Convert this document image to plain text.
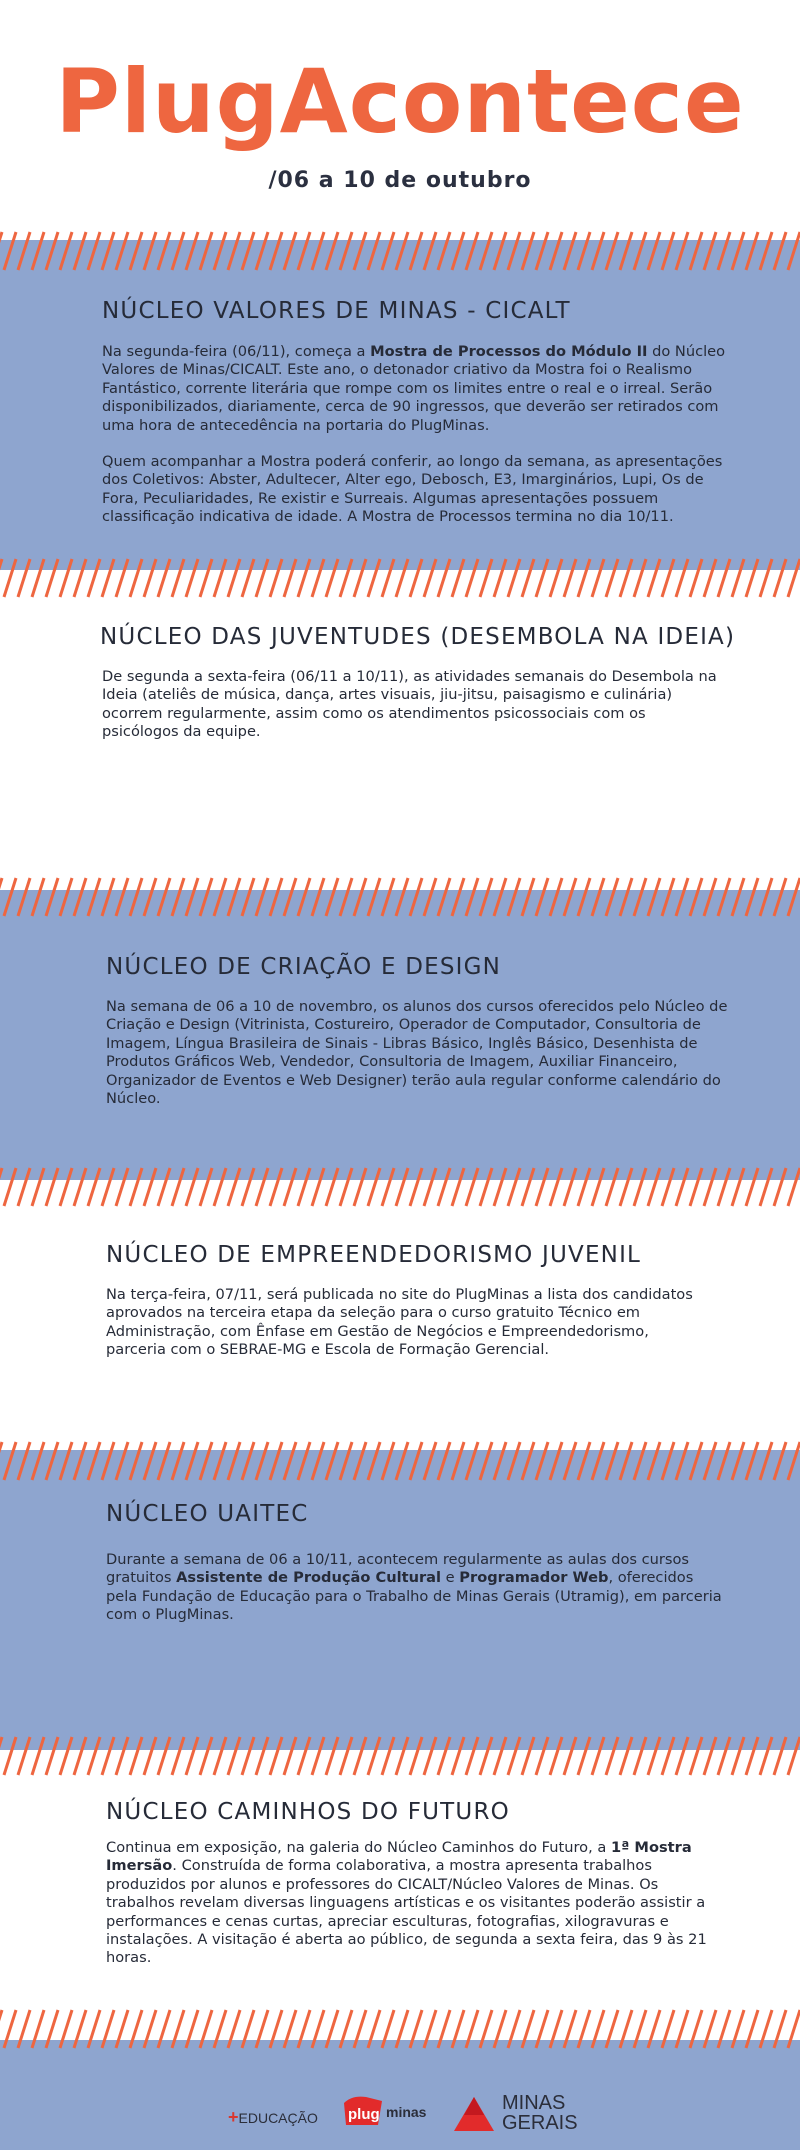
PlugAcontece
/06 a 10 de outubro
NÚCLEO VALORES DE MINAS - CICALT

Na segunda-feira (06/11), começa a Mostra de Processos do Módulo II do Núcleo Valores de Minas/CICALT. Este ano, o detonador criativo da Mostra foi o Realismo Fantástico, corrente literária que rompe com os limites entre o real e o irreal. Serão disponibilizados, diariamente, cerca de 90 ingressos, que deverão ser retirados com uma hora de antecedência na portaria do PlugMinas.

Quem acompanhar a Mostra poderá conferir, ao longo da semana, as apresentações dos Coletivos: Abster, Adultecer, Alter ego, Debosch, E3, Imarginários, Lupi, Os de Fora, Peculiaridades, Re existir e Surreais. Algumas apresentações possuem classificação indicativa de idade. A Mostra de Processos termina no dia 10/11.

NÚCLEO DAS JUVENTUDES (DESEMBOLA NA IDEIA)

De segunda a sexta-feira (06/11 a 10/11), as atividades semanais do Desembola na Ideia (ateliês de música, dança, artes visuais, jiu-jitsu, paisagismo e culinária) ocorrem regularmente, assim como os atendimentos psicossociais com os psicólogos da equipe.

NÚCLEO DE CRIAÇÃO E DESIGN

Na semana de 06 a 10 de novembro, os alunos dos cursos oferecidos pelo Núcleo de Criação e Design (Vitrinista, Costureiro, Operador de Computador, Consultoria de Imagem, Língua Brasileira de Sinais - Libras Básico, Inglês Básico, Desenhista de Produtos Gráficos Web, Vendedor, Consultoria de Imagem, Auxiliar Financeiro, Organizador de Eventos e Web Designer) terão aula regular conforme calendário do Núcleo.

NÚCLEO DE EMPREENDEDORISMO JUVENIL

Na terça-feira, 07/11, será publicada no site do PlugMinas a lista dos candidatos aprovados na terceira etapa da seleção para o curso gratuito Técnico em Administração, com Ênfase em Gestão de Negócios e Empreendedorismo, parceria com o SEBRAE-MG e Escola de Formação Gerencial.

NÚCLEO UAITEC

Durante a semana de 06 a 10/11, acontecem regularmente as aulas dos cursos gratuitos Assistente de Produção Cultural e Programador Web, oferecidos pela Fundação de Educação para o Trabalho de Minas Gerais (Utramig), em parceria com o PlugMinas.

NÚCLEO CAMINHOS DO FUTURO

Continua em exposição, na galeria do Núcleo Caminhos do Futuro, a 1ª Mostra Imersão. Construída de forma colaborativa, a mostra apresenta trabalhos produzidos por alunos e professores do CICALT/Núcleo Valores de Minas. Os trabalhos revelam diversas linguagens artísticas e os visitantes poderão assistir a performances e cenas curtas, apreciar esculturas, fotografias, xilogravuras e instalações. A visitação é aberta ao público, de segunda a sexta feira, das 9 às 21 horas.

+EDUCAÇÃO plug minas	MINAS
GERAIS
